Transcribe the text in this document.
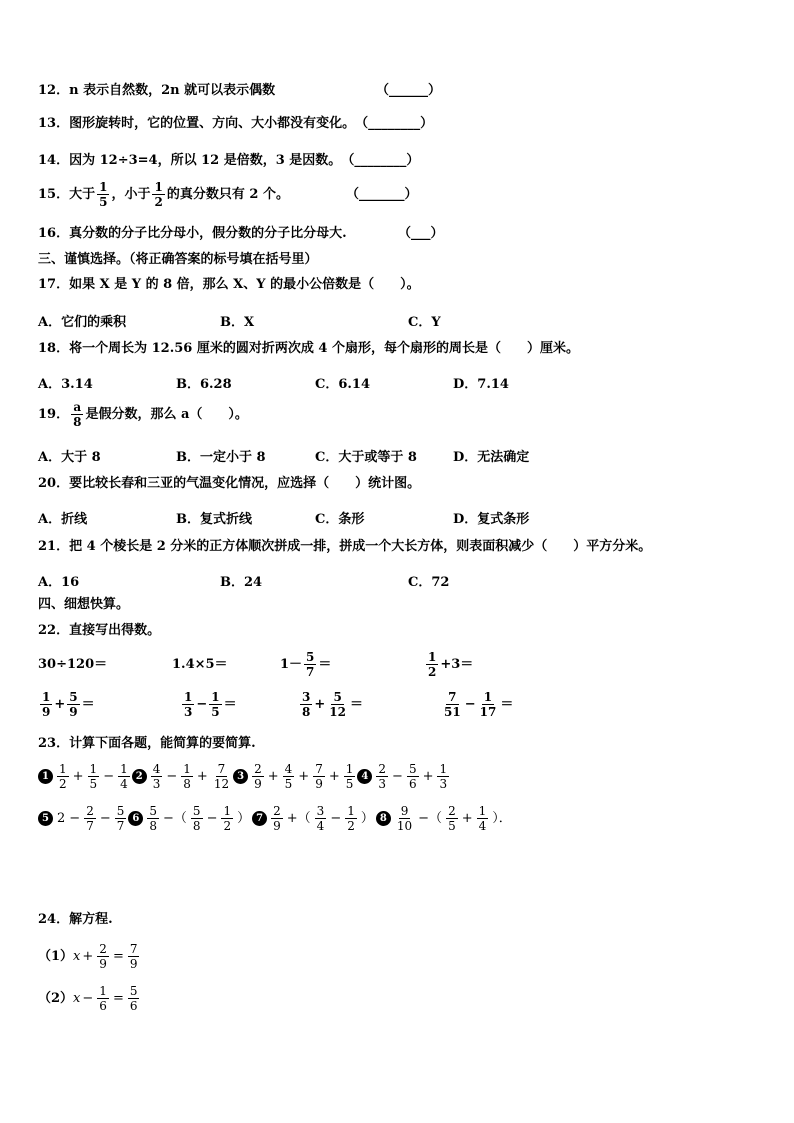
12． n 表示自然数，2n 就可以表示偶数	（______）
13． 图形旋转时，它的位置、方向、大小都没有变化。 （________）
14． 因为 12÷3=4，所以 12 是倍数，3 是因数。 （________）
15． 大于 $\frac{1}{5}$ ，小于 $\frac{1}{2}$ 的真分数只有 2 个。	（_______）
16． 真分数的分子比分母小，假分数的分子比分母大.	（___）
三、谨慎选择。（将正确答案的标号填在括号里）
17． 如果 X 是 Y 的 8 倍，那么 X、Y 的最小公倍数是（　　）。
A．它们的乘积	B．X	C．Y
18． 将一个周长为 12.56 厘米的圆对折两次成 4 个扇形，每个扇形的周长是（　　）厘米。
A．3.14	B．6.28	C．6.14	D．7.14
19． $\frac{a}{8}$ 是假分数，那么 a（　　）。
A．大于 8	B．一定小于 8	C．大于或等于 8	D．无法确定
20． 要比较长春和三亚的气温变化情况，应选择（　　）统计图。
A．折线	B．复式折线	C．条形	D．复式条形
21． 把 4 个棱长是 2 分米的正方体顺次拼成一排，拼成一个大长方体，则表面积减少（　　）平方分米。
A．16	B．24	C．72
四、细想快算。
22． 直接写出得数。
30÷120＝	1.4×5＝	$1- \frac{5}{7}$ ＝	$\frac{1}{2} +3=$
$\frac{1}{9} + \frac{5}{9}$ ＝	$\frac{1}{3} - \frac{1}{5}$ ＝	$\frac{3}{8} + \frac{5}{12}$ ＝	$\frac{7}{51} - \frac{1}{17}$ ＝
23． 计算下面各题，能简算的要简算.
$1 \frac{1}{2} + \frac{1}{5} - \frac{1}{4} 2 \frac{4}{3} - \frac{1}{8} + \frac{7}{12} 3 \frac{2}{9} + \frac{4}{5} + \frac{7}{9} + \frac{1}{5} 4 \frac{2}{3} - \frac{5}{6} + \frac{1}{3}$
5 $2 - \frac{2}{7} - \frac{5}{7} 6 \frac{5}{8}$ −（ $\frac{5}{8} - \frac{1}{2}$ ） $7 \frac{2}{9}$ +（ $\frac{3}{4} - \frac{1}{2}$ ） $8 \frac{9}{10}$ −（ $\frac{2}{5} + \frac{1}{4}$ ）．
24． 解方程.
（1） $x + \frac{2}{9} = \frac{7}{9}$
（2） $x - \frac{1}{6} = \frac{5}{6}$
